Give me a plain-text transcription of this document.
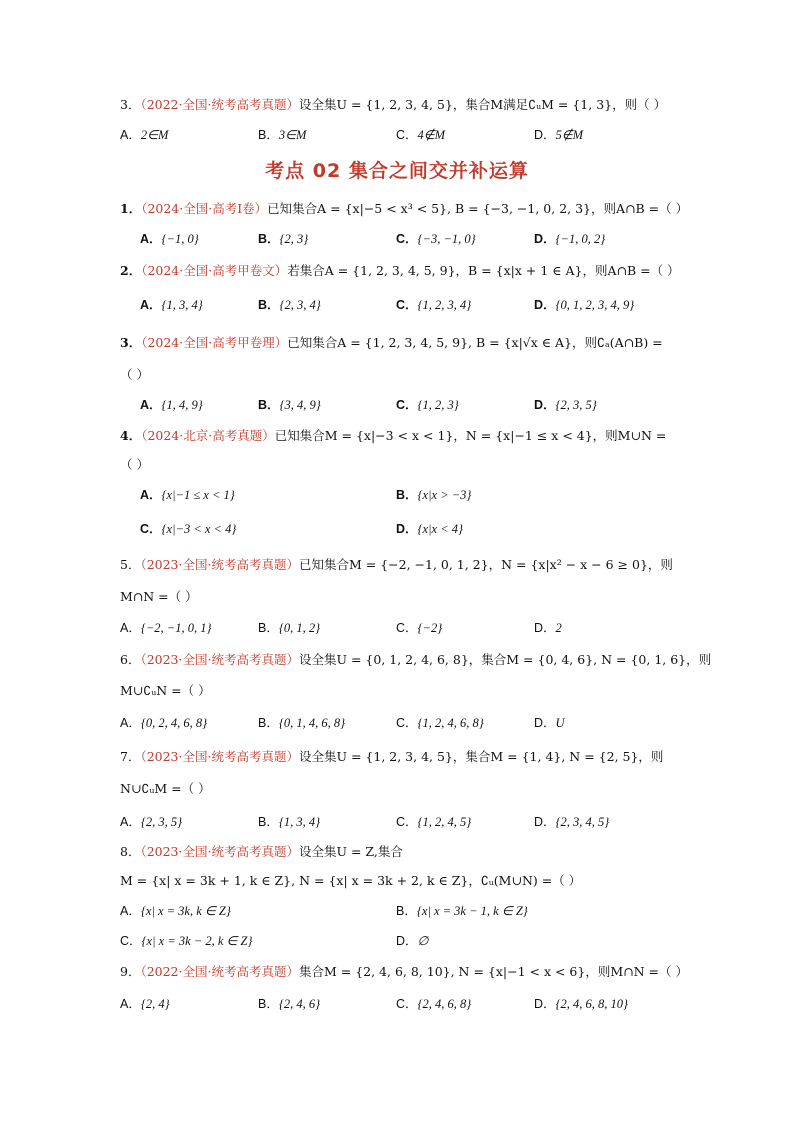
3．（2022·全国·统考高考真题）设全集U = {1, 2, 3, 4, 5}，集合M满足∁ᵤM = {1, 3}，则（ ）
A．2∈M	B．3∈M	C．4∉M	D．5∉M
考点 02 集合之间交并补运算
1．（2024·全国·高考Ⅰ卷）已知集合A = {x|−5 < x³ < 5}, B = {−3, −1, 0, 2, 3}，则A∩B =（ ）
A．{−1, 0}	B．{2, 3}	C．{−3, −1, 0}	D．{−1, 0, 2}
2．（2024·全国·高考甲卷文）若集合A = {1, 2, 3, 4, 5, 9}，B = {x|x + 1 ∈ A}，则A∩B =（ ）
A．{1, 3, 4}	B．{2, 3, 4}	C．{1, 2, 3, 4}	D．{0, 1, 2, 3, 4, 9}
3．（2024·全国·高考甲卷理）已知集合A = {1, 2, 3, 4, 5, 9}, B = {x|√x ∈ A}，则∁ₐ(A∩B) =
（ ）
A．{1, 4, 9}	B．{3, 4, 9}	C．{1, 2, 3}	D．{2, 3, 5}
4．（2024·北京·高考真题）已知集合M = {x|−3 < x < 1}，N = {x|−1 ≤ x < 4}，则M∪N =
（ ）
A．{x|−1 ≤ x < 1}	B．{x|x > −3}
C．{x|−3 < x < 4}	D．{x|x < 4}
5．（2023·全国·统考高考真题）已知集合M = {−2, −1, 0, 1, 2}，N = {x|x² − x − 6 ≥ 0}，则
M∩N =（ ）
A．{−2, −1, 0, 1}	B．{0, 1, 2}	C．{−2}	D．2
6．（2023·全国·统考高考真题）设全集U = {0, 1, 2, 4, 6, 8}，集合M = {0, 4, 6}, N = {0, 1, 6}，则
M∪∁ᵤN =（ ）
A．{0, 2, 4, 6, 8}	B．{0, 1, 4, 6, 8}	C．{1, 2, 4, 6, 8}	D．U
7．（2023·全国·统考高考真题）设全集U = {1, 2, 3, 4, 5}，集合M = {1, 4}, N = {2, 5}，则
N∪∁ᵤM =（ ）
A．{2, 3, 5}	B．{1, 3, 4}	C．{1, 2, 4, 5}	D．{2, 3, 4, 5}
8．（2023·全国·统考高考真题）设全集U = Z,集合
M = {x| x = 3k + 1, k ∈ Z}, N = {x| x = 3k + 2, k ∈ Z}，∁ᵤ(M∪N) =（ ）
A．{x| x = 3k, k ∈ Z}	B．{x| x = 3k − 1, k ∈ Z}
C．{x| x = 3k − 2, k ∈ Z}	D．∅
9．（2022·全国·统考高考真题）集合M = {2, 4, 6, 8, 10}, N = {x|−1 < x < 6}，则M∩N =（ ）
A．{2, 4}	B．{2, 4, 6}	C．{2, 4, 6, 8}	D．{2, 4, 6, 8, 10}
